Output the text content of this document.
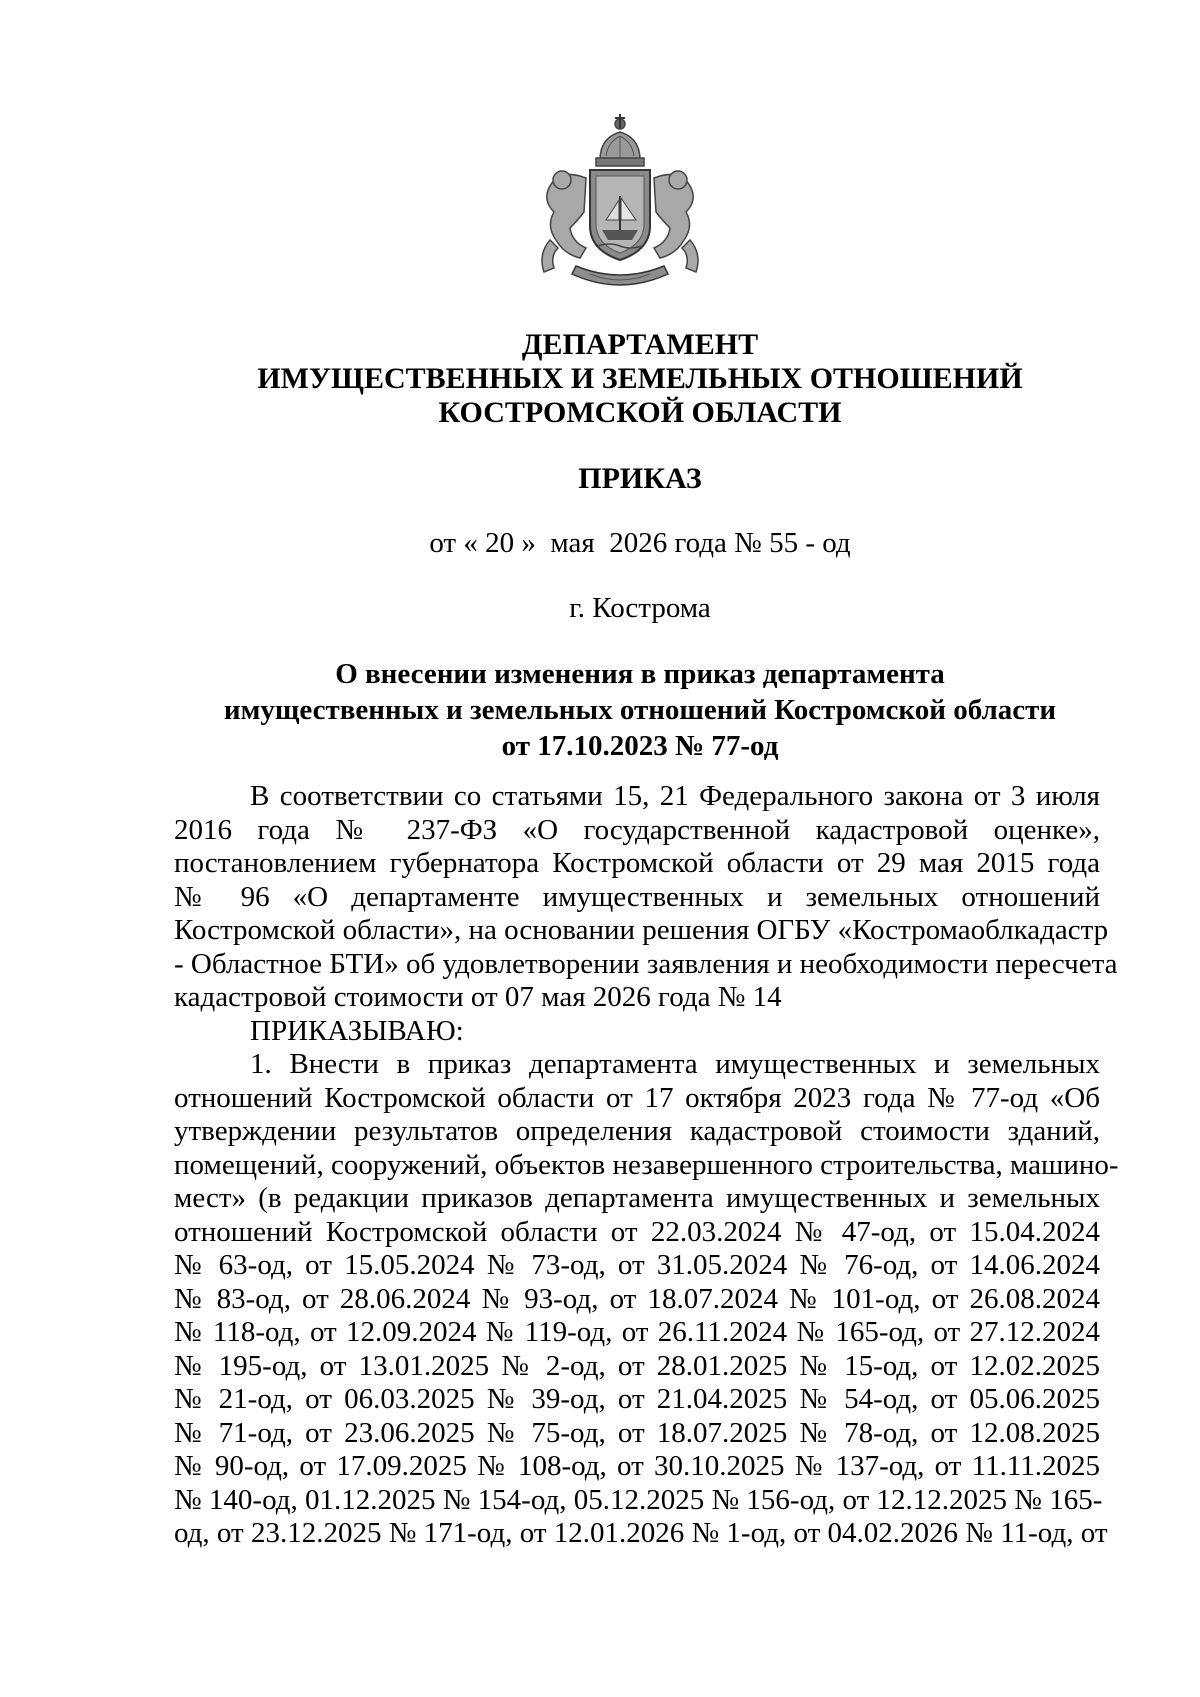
ДЕПАРТАМЕНТ
ИМУЩЕСТВЕННЫХ И ЗЕМЕЛЬНЫХ ОТНОШЕНИЙ
КОСТРОМСКОЙ ОБЛАСТИ
ПРИКАЗ
от « 20 »  мая  2026 года № 55 - од
г. Кострома
О внесении изменения в приказ департамента
имущественных и земельных отношений Костромской области
от 17.10.2023 № 77-од
В соответствии со статьями 15, 21 Федерального закона от 3 июля
2016 года № 237-ФЗ «О государственной кадастровой оценке»,
постановлением губернатора Костромской области от 29 мая 2015 года
№ 96 «О департаменте имущественных и земельных отношений
Костромской области», на основании решения ОГБУ «Костромаоблкадастр
- Областное БТИ» об удовлетворении заявления и необходимости пересчета
кадастровой стоимости от 07 мая 2026 года № 14
ПРИКАЗЫВАЮ:
1. Внести в приказ департамента имущественных и земельных
отношений Костромской области от 17 октября 2023 года № 77-од «Об
утверждении результатов определения кадастровой стоимости зданий,
помещений, сооружений, объектов незавершенного строительства, машино-
мест» (в редакции приказов департамента имущественных и земельных
отношений Костромской области от 22.03.2024 № 47-од, от 15.04.2024
№ 63-од, от 15.05.2024 № 73-од, от 31.05.2024 № 76-од, от 14.06.2024
№ 83-од, от 28.06.2024 № 93-од, от 18.07.2024 № 101-од, от 26.08.2024
№ 118-од, от 12.09.2024 № 119-од, от 26.11.2024 № 165-од, от 27.12.2024
№ 195-од, от 13.01.2025 № 2-од, от 28.01.2025 № 15-од, от 12.02.2025
№ 21-од, от 06.03.2025 № 39-од, от 21.04.2025 № 54-од, от 05.06.2025
№ 71-од, от 23.06.2025 № 75-од, от 18.07.2025 № 78-од, от 12.08.2025
№ 90-од, от 17.09.2025 № 108-од, от 30.10.2025 № 137-од, от 11.11.2025
№ 140-од, 01.12.2025 № 154-од, 05.12.2025 № 156-од, от 12.12.2025 № 165-
од, от 23.12.2025 № 171-од, от 12.01.2026 № 1-од, от 04.02.2026 № 11-од, от
